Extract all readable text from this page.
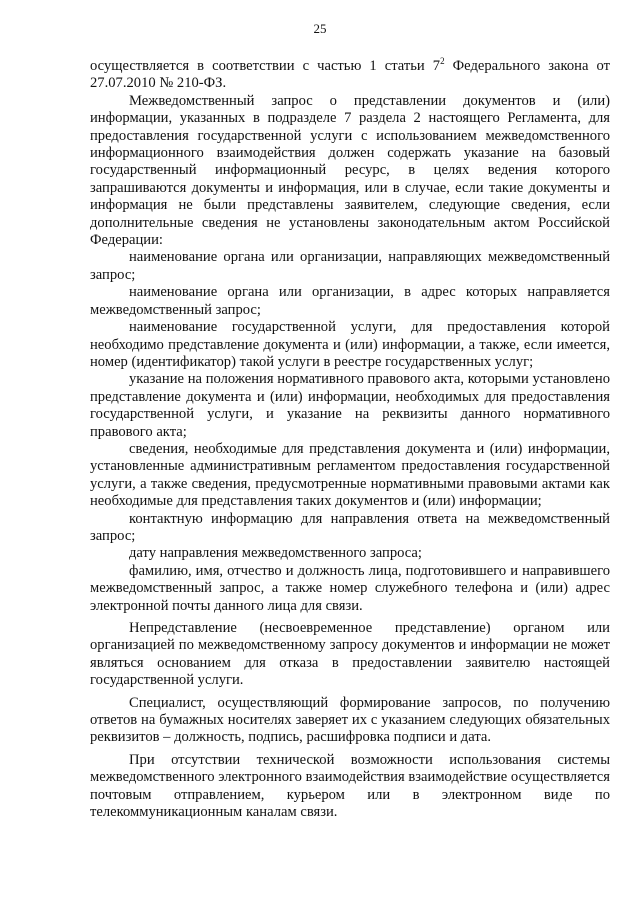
25

осуществляется в соответствии с частью 1 статьи $7^2$ Федерального закона от 27.07.2010 № 210-ФЗ.

Межведомственный запрос о представлении документов и (или) информации, указанных в подразделе 7 раздела 2 настоящего Регламента, для предоставления государственной услуги с использованием межведомственного информационного взаимодействия должен содержать указание на базовый государственный информационный ресурс, в целях ведения которого запрашиваются документы и информация, или в случае, если такие документы и информация не были представлены заявителем, следующие сведения, если дополнительные сведения не установлены законодательным актом Российской Федерации:

наименование органа или организации, направляющих межведомственный запрос;

наименование органа или организации, в адрес которых направляется межведомственный запрос;

наименование государственной услуги, для предоставления которой необходимо представление документа и (или) информации, а также, если имеется, номер (идентификатор) такой услуги в реестре государственных услуг;

указание на положения нормативного правового акта, которыми установлено представление документа и (или) информации, необходимых для предоставления государственной услуги, и указание на реквизиты данного нормативного правового акта;

сведения, необходимые для представления документа и (или) информации, установленные административным регламентом предоставления государственной услуги, а также сведения, предусмотренные нормативными правовыми актами как необходимые для представления таких документов и (или) информации;

контактную информацию для направления ответа на межведомственный запрос;

дату направления межведомственного запроса;

фамилию, имя, отчество и должность лица, подготовившего и направившего межведомственный запрос, а также номер служебного телефона и (или) адрес электронной почты данного лица для связи.

Непредставление (несвоевременное представление) органом или организацией по межведомственному запросу документов и информации не может являться основанием для отказа в предоставлении заявителю настоящей государственной услуги.

Специалист, осуществляющий формирование запросов, по получению ответов на бумажных носителях заверяет их с указанием следующих обязательных реквизитов – должность, подпись, расшифровка подписи и дата.

При отсутствии технической возможности использования системы межведомственного электронного взаимодействия взаимодействие осуществляется почтовым отправлением, курьером или в электронном виде по телекоммуникационным каналам связи.
